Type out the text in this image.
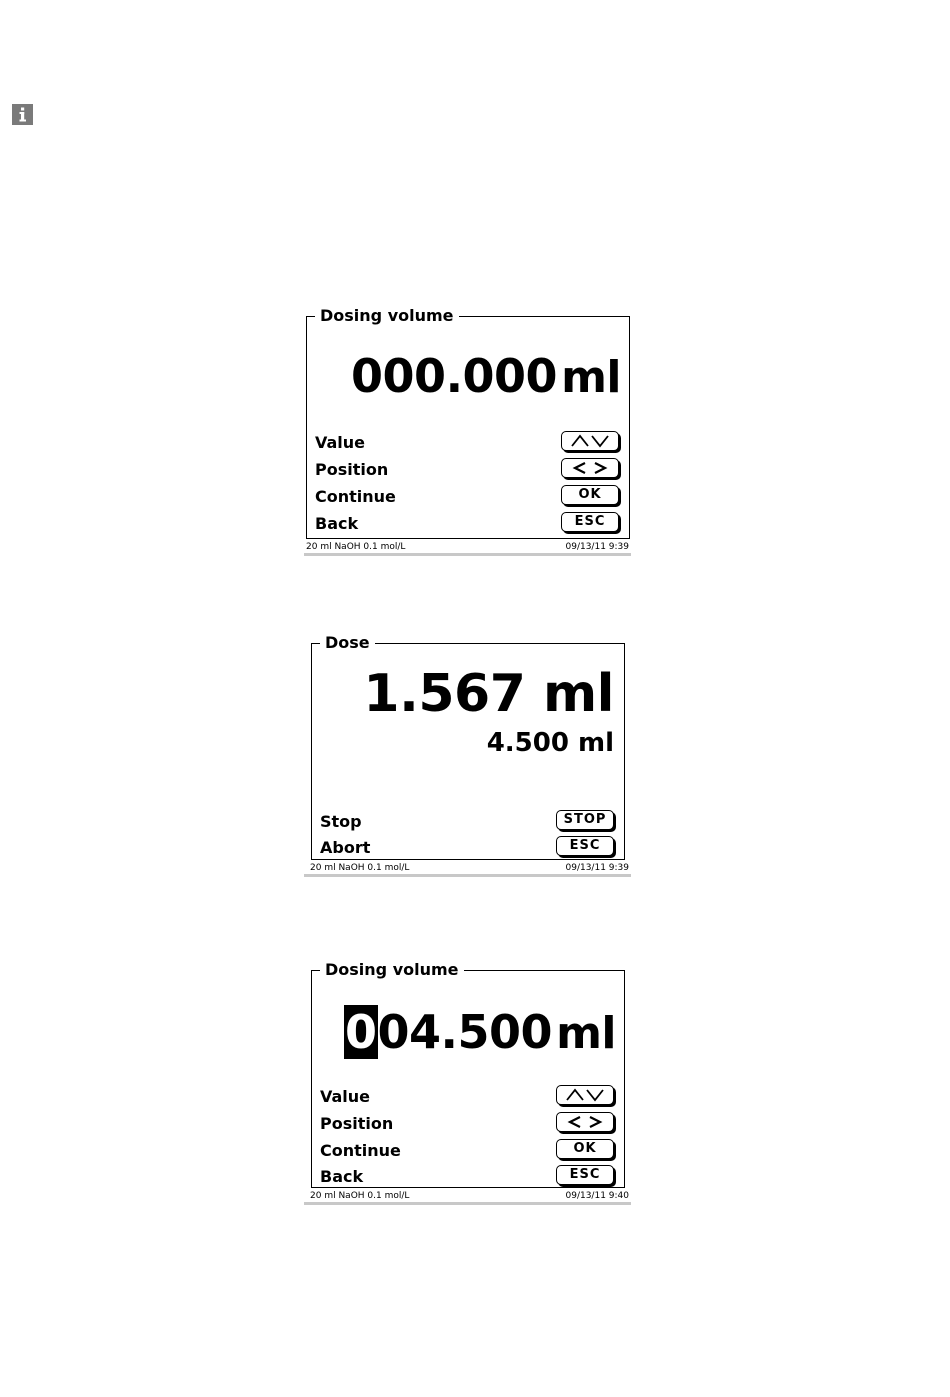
Dosing volume
000.000ml
Value
Position
Continue	OK
Back	ESC
20 ml NaOH 0.1 mol/L	09/13/11 9:39
Dose
1.567 ml
4.500 ml
Stop	STOP
Abort	ESC
20 ml NaOH 0.1 mol/L	09/13/11 9:39
Dosing volume
004.500ml
Value
Position
Continue	OK
Back	ESC
20 ml NaOH 0.1 mol/L	09/13/11 9:40
